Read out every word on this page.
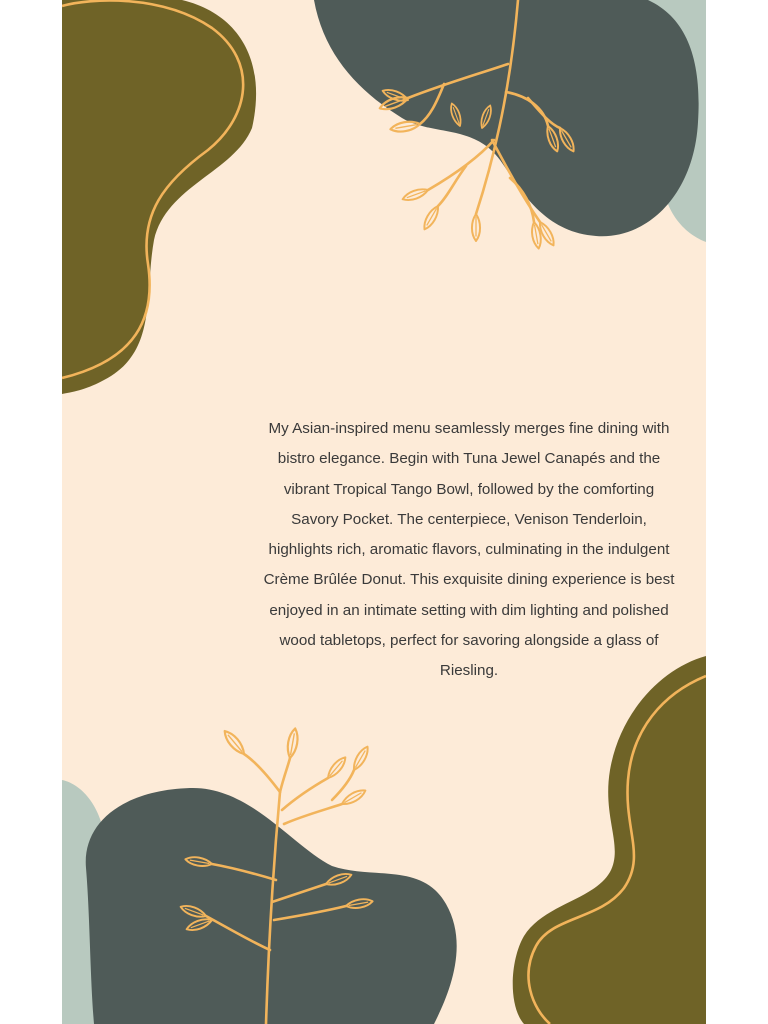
My Asian-inspired menu seamlessly merges fine dining with
bistro elegance. Begin with Tuna Jewel Canapés and the
vibrant Tropical Tango Bowl, followed by the comforting
Savory Pocket. The centerpiece, Venison Tenderloin,
highlights rich, aromatic flavors, culminating in the indulgent
Crème Brûlée Donut. This exquisite dining experience is best
enjoyed in an intimate setting with dim lighting and polished
wood tabletops, perfect for savoring alongside a glass of
Riesling.
